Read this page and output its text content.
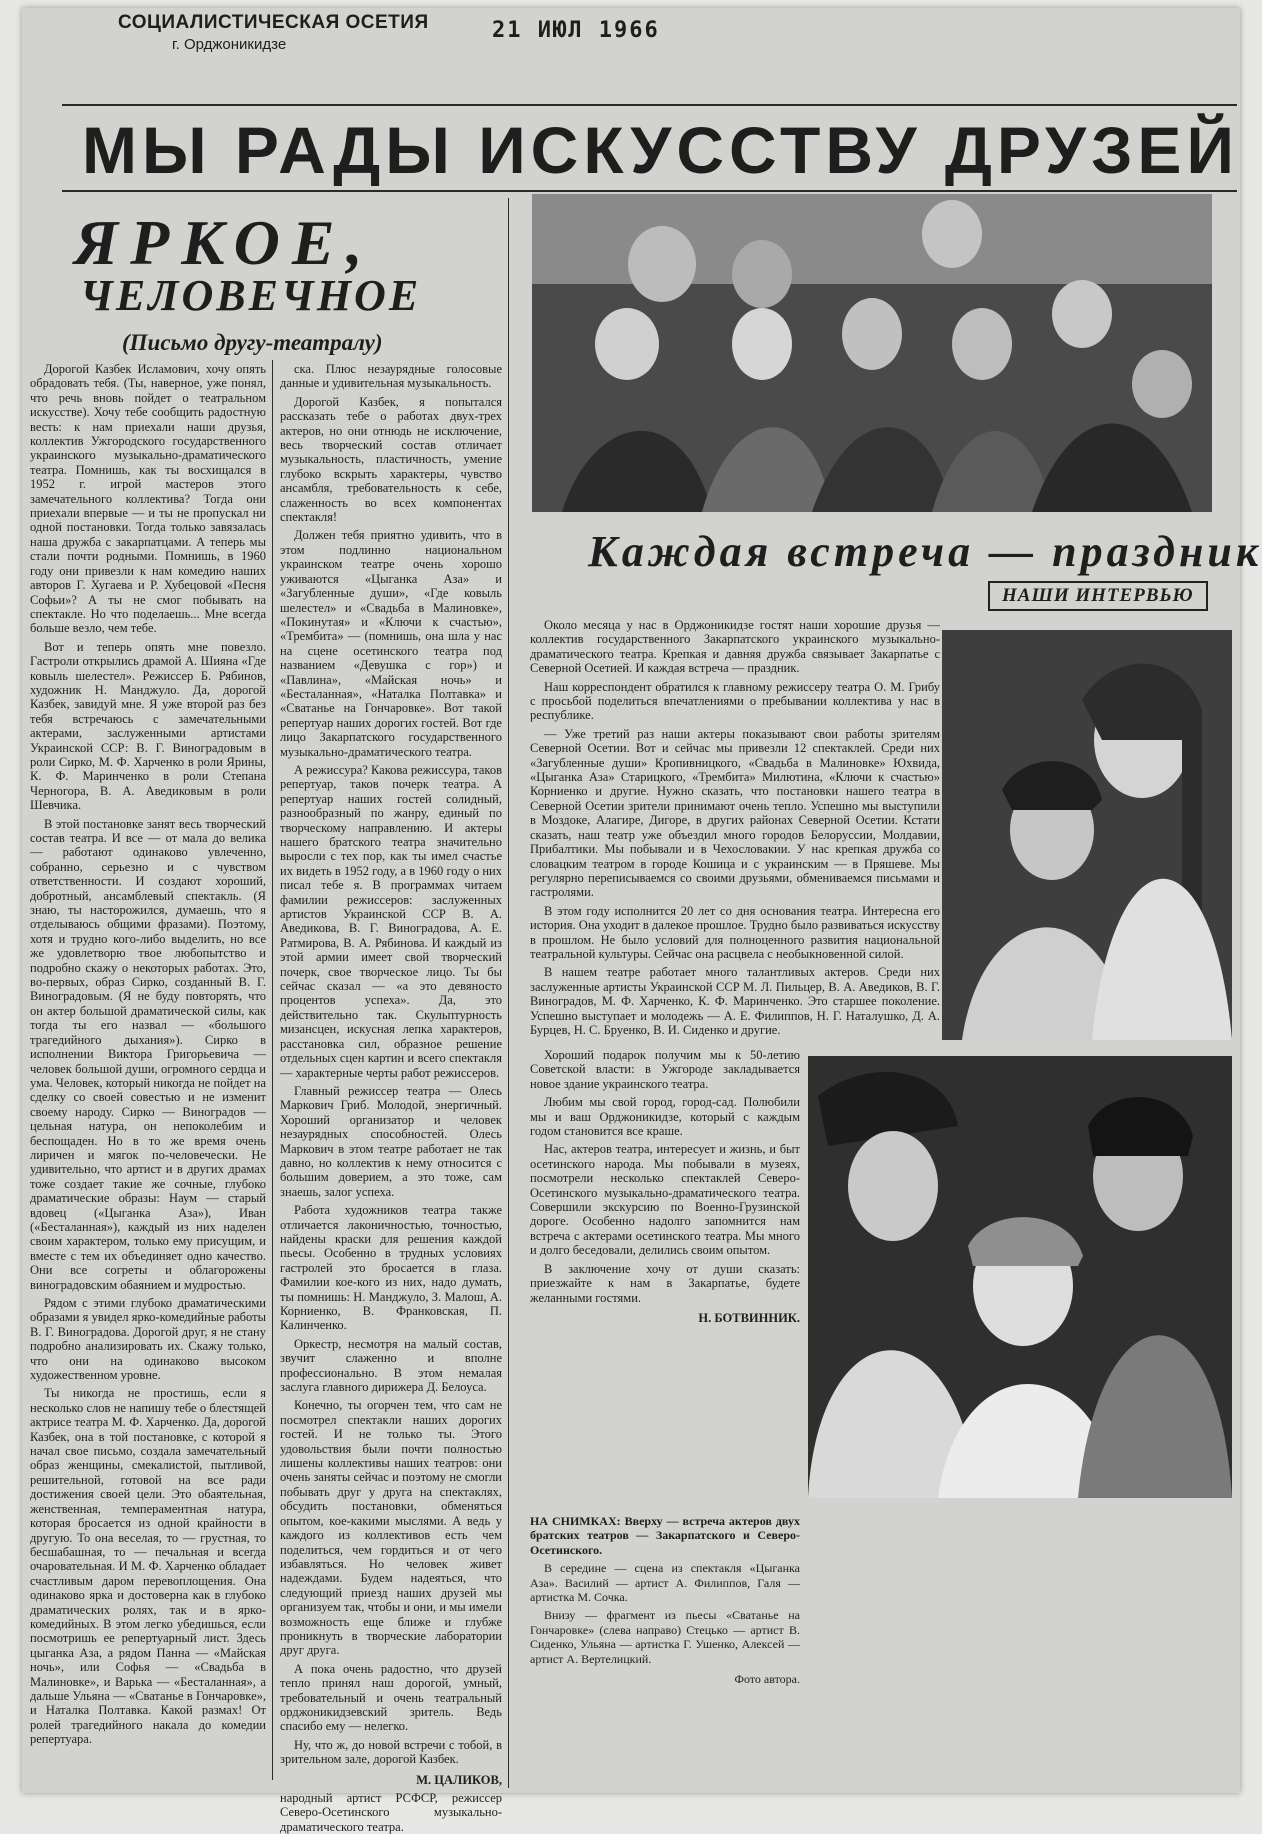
СОЦИАЛИСТИЧЕСКАЯ ОСЕТИЯ
г. Орджоникидзе
21 ИЮЛ 1966
МЫ РАДЫ ИСКУССТВУ ДРУЗЕЙ
ЯРКОЕ,
ЧЕЛОВЕЧНОЕ
(Письмо другу-театралу)

Дорогой Казбек Исламович, хочу опять обрадовать тебя. (Ты, наверное, уже понял, что речь вновь пойдет о театральном искусстве). Хочу тебе сообщить радостную весть: к нам приехали наши друзья, коллектив Ужгородского государственного украинского музыкально-драматического театра. Помнишь, как ты восхищался в 1952 г. игрой мастеров этого замечательного коллектива? Тогда они приехали впервые — и ты не пропускал ни одной постановки. Тогда только завязалась наша дружба с закарпатцами. А теперь мы стали почти родными. Помнишь, в 1960 году они привезли к нам комедию наших авторов Г. Хугаева и Р. Хубецовой «Песня Софьи»? А ты не смог побывать на спектакле. Но что поделаешь... Мне всегда больше везло, чем тебе.

Вот и теперь опять мне повезло. Гастроли открылись драмой А. Шияна «Где ковыль шелестел». Режиссер Б. Рябинов, художник Н. Манджуло. Да, дорогой Казбек, завидуй мне. Я уже второй раз без тебя встречаюсь с замечательными актерами, заслуженными артистами Украинской ССР: В. Г. Виноградовым в роли Сирко, М. Ф. Харченко в роли Ярины, К. Ф. Маринченко в роли Степана Черногора, В. А. Аведиковым в роли Шевчика.

В этой постановке занят весь творческий состав театра. И все — от мала до велика — работают одинаково увлеченно, собранно, серьезно и с чувством ответственности. И создают хороший, добротный, ансамблевый спектакль. (Я знаю, ты насторожился, думаешь, что я отделываюсь общими фразами). Поэтому, хотя и трудно кого-либо выделить, но все же удовлетворю твое любопытство и подробно скажу о некоторых работах. Это, во-первых, образ Сирко, созданный В. Г. Виноградовым. (Я не буду повторять, что он актер большой драматической силы, как тогда ты его назвал — «большого трагедийного дыхания»). Сирко в исполнении Виктора Григорьевича — человек большой души, огромного сердца и ума. Человек, который никогда не пойдет на сделку со своей совестью и не изменит своему народу. Сирко — Виноградов — цельная натура, он непоколебим и беспощаден. Но в то же время очень лиричен и мягок по-человечески. Не удивительно, что артист и в других драмах тоже создает такие же сочные, глубоко драматические образы: Наум — старый вдовец («Цыганка Аза»), Иван («Бесталанная»), каждый из них наделен своим характером, только ему присущим, и вместе с тем их объединяет одно качество. Они все согреты и облагорожены виноградовским обаянием и мудростью.

Рядом с этими глубоко драматическими образами я увидел ярко-комедийные работы В. Г. Виноградова. Дорогой друг, я не стану подробно анализировать их. Скажу только, что они на одинаково высоком художественном уровне.

Ты никогда не простишь, если я несколько слов не напишу тебе о блестящей актрисе театра М. Ф. Харченко. Да, дорогой Казбек, она в той постановке, с которой я начал свое письмо, создала замечательный образ женщины, смекалистой, пытливой, решительной, готовой на все ради достижения своей цели. Это обаятельная, женственная, темпераментная натура, которая бросается из одной крайности в другую. То она веселая, то — грустная, то бесшабашная, то — печальная и всегда очаровательная. И М. Ф. Харченко обладает счастливым даром перевоплощения. Она одинаково ярка и достоверна как в глубоко драматических ролях, так и в ярко-комедийных. В этом легко убедишься, если посмотришь ее репертуарный лист. Здесь цыганка Аза, а рядом Панна — «Майская ночь», или Софья — «Свадьба в Малиновке», и Варька — «Бесталанная», а дальше Ульяна — «Сватанье в Гончаровке», и Наталка Полтавка. Какой размах! От ролей трагедийного накала до комедии репертуара.

ска. Плюс незаурядные голосовые данные и удивительная музыкальность.

Дорогой Казбек, я попытался рассказать тебе о работах двух-трех актеров, но они отнюдь не исключение, весь творческий состав отличает музыкальность, пластичность, умение глубоко вскрыть характеры, чувство ансамбля, требовательность к себе, слаженность во всех компонентах спектакля!

Должен тебя приятно удивить, что в этом подлинно национальном украинском театре очень хорошо уживаются «Цыганка Аза» и «Загубленные души», «Где ковыль шелестел» и «Свадьба в Малиновке», «Покинутая» и «Ключи к счастью», «Трембита» — (помнишь, она шла у нас на сцене осетинского театра под названием «Девушка с гор») и «Павлина», «Майская ночь» и «Бесталанная», «Наталка Полтавка» и «Сватанье на Гончаровке». Вот такой репертуар наших дорогих гостей. Вот где лицо Закарпатского государственного музыкально-драматического театра.

А режиссура? Какова режиссура, таков репертуар, таков почерк театра. А репертуар наших гостей солидный, разнообразный по жанру, единый по творческому направлению. И актеры нашего братского театра значительно выросли с тех пор, как ты имел счастье их видеть в 1952 году, а в 1960 году о них писал тебе я. В программах читаем фамилии режиссеров: заслуженных артистов Украинской ССР В. А. Аведикова, В. Г. Виноградова, А. Е. Ратмирова, В. А. Рябинова. И каждый из этой армии имеет свой творческий почерк, свое творческое лицо. Ты бы сейчас сказал — «а это девяносто процентов успеха». Да, это действительно так. Скульптурность мизансцен, искусная лепка характеров, расстановка сил, образное решение отдельных сцен картин и всего спектакля — характерные черты работ режиссеров.

Главный режиссер театра — Олесь Маркович Гриб. Молодой, энергичный. Хороший организатор и человек незаурядных способностей. Олесь Маркович в этом театре работает не так давно, но коллектив к нему относится с большим доверием, а это тоже, сам знаешь, залог успеха.

Работа художников театра также отличается лаконичностью, точностью, найдены краски для решения каждой пьесы. Особенно в трудных условиях гастролей это бросается в глаза. Фамилии кое-кого из них, надо думать, ты помнишь: Н. Манджуло, З. Малош, А. Корниенко, В. Франковская, П. Калинченко.

Оркестр, несмотря на малый состав, звучит слаженно и вполне профессионально. В этом немалая заслуга главного дирижера Д. Белоуса.

Конечно, ты огорчен тем, что сам не посмотрел спектакли наших дорогих гостей. И не только ты. Этого удовольствия были почти полностью лишены коллективы наших театров: они очень заняты сейчас и поэтому не смогли побывать друг у друга на спектаклях, обсудить постановки, обменяться опытом, кое-какими мыслями. А ведь у каждого из коллективов есть чем поделиться, чем гордиться и от чего избавляться. Но человек живет надеждами. Будем надеяться, что следующий приезд наших друзей мы организуем так, чтобы и они, и мы имели возможность еще ближе и глубже проникнуть в творческие лаборатории друг друга.

А пока очень радостно, что друзей тепло принял наш дорогой, умный, требовательный и очень театральный орджоникидзевский зритель. Ведь спасибо ему — нелегко.

Ну, что ж, до новой встречи с тобой, в зрительном зале, дорогой Казбек.

М. ЦАЛИКОВ,

народный артист РСФСР, режиссер Северо-Осетинского музыкально-драматического театра.

Каждая встреча — праздник
НАШИ ИНТЕРВЬЮ

Около месяца у нас в Орджоникидзе гостят наши хорошие друзья — коллектив государственного Закарпатского украинского музыкально-драматического театра. Крепкая и давняя дружба связывает Закарпатье с Северной Осетией. И каждая встреча — праздник.

Наш корреспондент обратился к главному режиссеру театра О. М. Грибу с просьбой поделиться впечатлениями о пребывании коллектива у нас в республике.

— Уже третий раз наши актеры показывают свои работы зрителям Северной Осетии. Вот и сейчас мы привезли 12 спектаклей. Среди них «Загубленные души» Кропивницкого, «Свадьба в Малиновке» Юхвида, «Цыганка Аза» Старицкого, «Трембита» Милютина, «Ключи к счастью» Корниенко и другие. Нужно сказать, что постановки нашего театра в Северной Осетии зрители принимают очень тепло. Успешно мы выступили в Моздоке, Алагире, Дигоре, в других районах Северной Осетии. Кстати сказать, наш театр уже объездил много городов Белоруссии, Молдавии, Прибалтики. Мы побывали и в Чехословакии. У нас крепкая дружба со словацким театром в городе Кошица и с украинским — в Пряшеве. Мы регулярно переписываемся со своими друзьями, обмениваемся письмами и гастролями.

В этом году исполнится 20 лет со дня основания театра. Интересна его история. Она уходит в далекое прошлое. Трудно было развиваться искусству в прошлом. Не было условий для полноценного развития национальной театральной культуры. Сейчас она расцвела с необыкновенной силой.

В нашем театре работает много талантливых актеров. Среди них заслуженные артисты Украинской ССР М. Л. Пильцер, В. А. Аведиков, В. Г. Виноградов, М. Ф. Харченко, К. Ф. Маринченко. Это старшее поколение. Успешно выступает и молодежь — А. Е. Филиппов, Н. Г. Наталушко, Д. А. Бурцев, Н. С. Бруенко, В. И. Сиденко и другие.

Хороший подарок получим мы к 50-летию Советской власти: в Ужгороде закладывается новое здание украинского театра.

Любим мы свой город, город-сад. Полюбили мы и ваш Орджоникидзе, который с каждым годом становится все краше.

Нас, актеров театра, интересует и жизнь, и быт осетинского народа. Мы побывали в музеях, посмотрели несколько спектаклей Северо-Осетинского музыкально-драматического театра. Совершили экскурсию по Военно-Грузинской дороге. Особенно надолго запомнится нам встреча с актерами осетинского театра. Мы много и долго беседовали, делились своим опытом.

В заключение хочу от души сказать: приезжайте к нам в Закарпатье, будете желанными гостями.

Н. БОТВИННИК.

НА СНИМКАХ: Вверху — встреча актеров двух братских театров — Закарпатского и Северо-Осетинского.

В середине — сцена из спектакля «Цыганка Аза». Василий — артист А. Филиппов, Галя — артистка М. Сочка.

Внизу — фрагмент из пьесы «Сватанье на Гончаровке» (слева направо) Стецько — артист В. Сиденко, Ульяна — артистка Г. Ушенко, Алексей — артист А. Вертелицкий.

Фото автора.
